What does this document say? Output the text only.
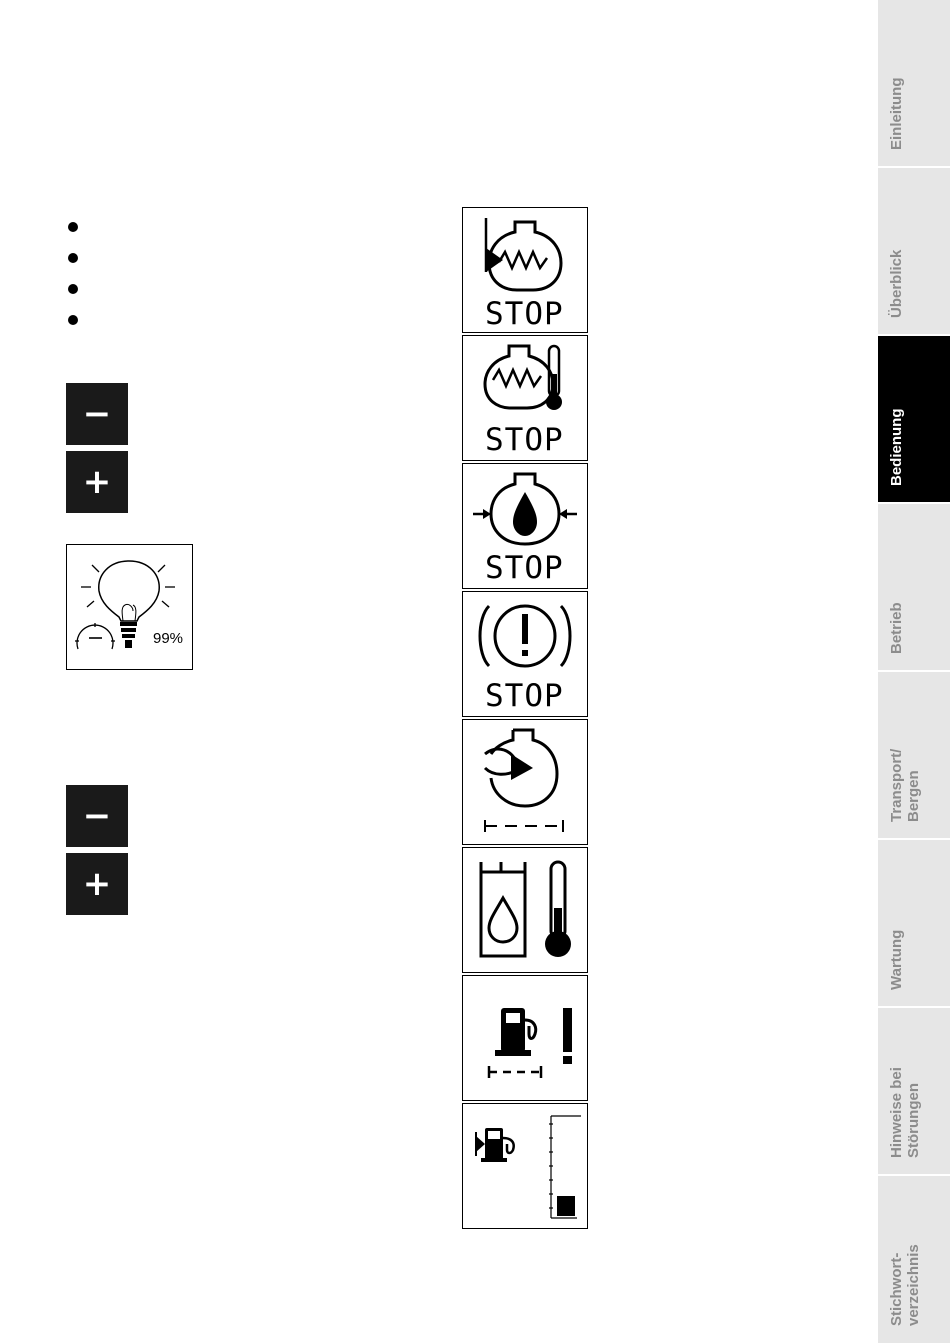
−
+
99%
−
+
STOP
STOP
STOP
STOP
Einleitung
Überblick
Bedienung
Betrieb
Transport/ Bergen
Wartung
Hinweise bei Störungen
Stichwort- verzeichnis
